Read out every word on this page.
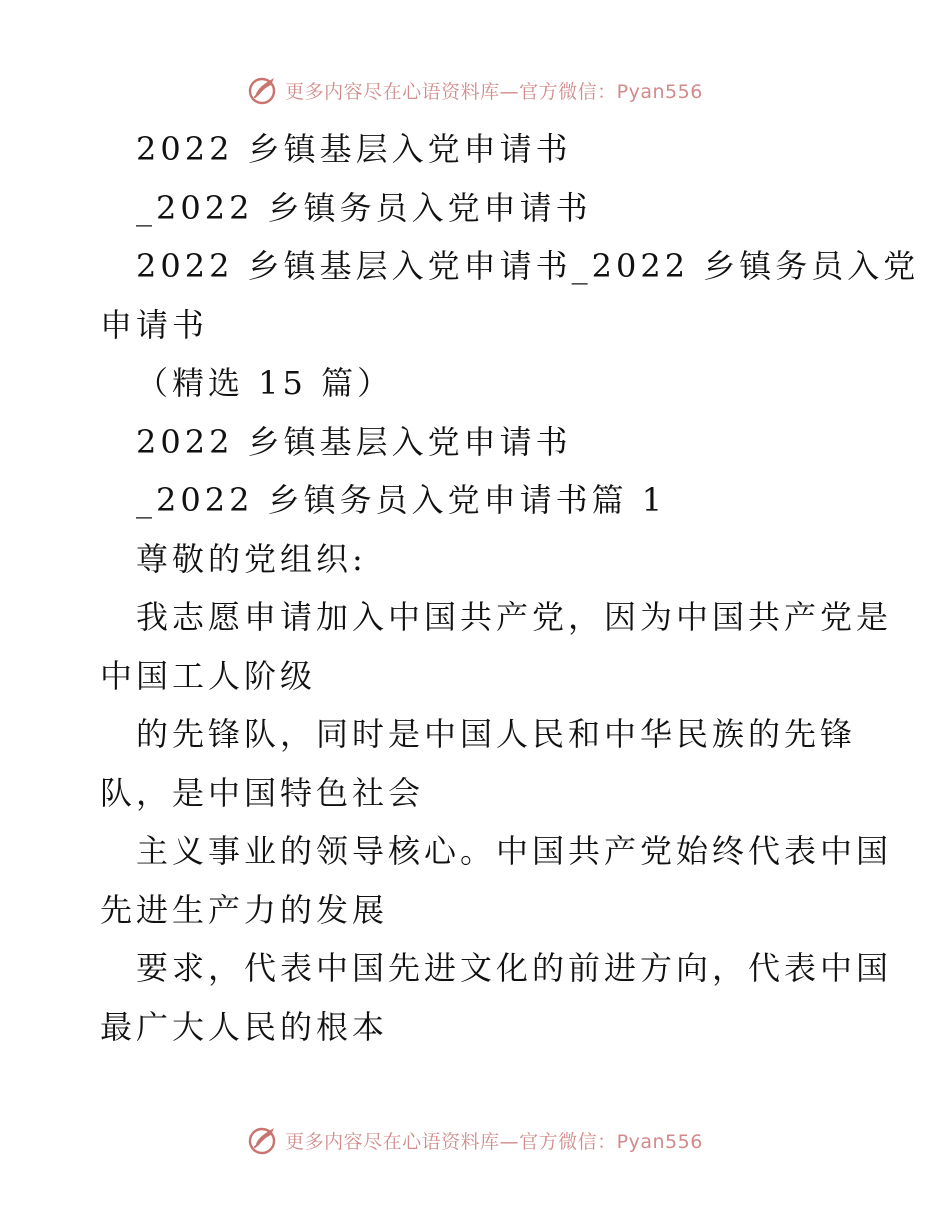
更多内容尽在心语资料库—官方微信：Pyan556
2022 乡镇基层入党申请书
_2022 乡镇务员入党申请书
2022 乡镇基层入党申请书_2022 乡镇务员入党
申请书
（精选 15 篇）
2022 乡镇基层入党申请书
_2022 乡镇务员入党申请书篇 1
尊敬的党组织:
我志愿申请加入中国共产党，因为中国共产党是
中国工人阶级
的先锋队，同时是中国人民和中华民族的先锋
队，是中国特色社会
主义事业的领导核心。中国共产党始终代表中国
先进生产力的发展
要求，代表中国先进文化的前进方向，代表中国
最广大人民的根本
更多内容尽在心语资料库—官方微信：Pyan556
